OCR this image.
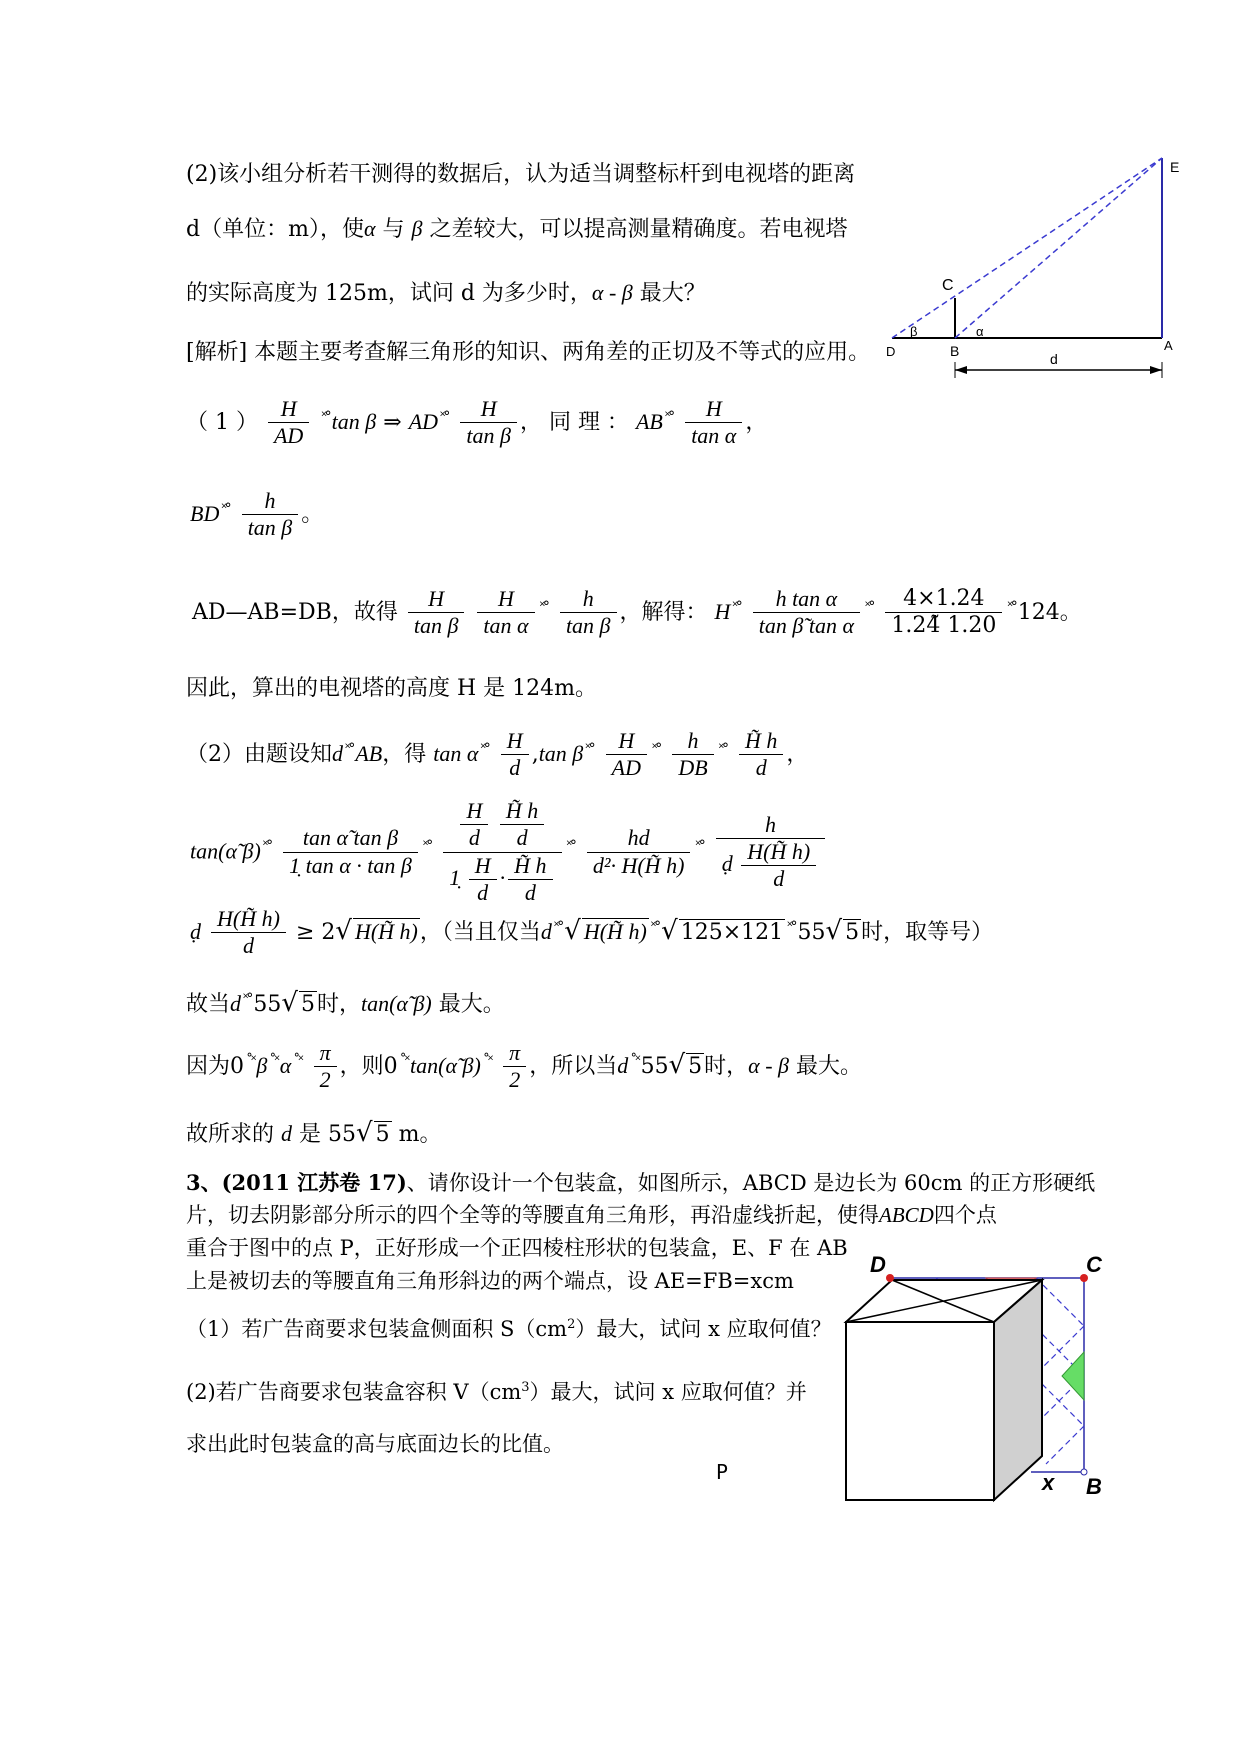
(2)该小组分析若干测得的数据后，认为适当调整标杆到电视塔的距离
d（单位：m），使α 与 β 之差较大，可以提高测量精确度。若电视塔
的实际高度为 125m，试问 d 为多少时，α - β 最大？
[解析] 本题主要考查解三角形的知识、两角差的正切及不等式的应用。
E
C
D	B	A
β	α
d
（ 1 ） $\frac{H}{AD} ^{˟^\circ}\tan$ β ⇒ AD $^{˟^\circ} \frac{H}{\text{tan β}}$ ， 同 理 ： AB $^{˟^\circ} \frac{H}{\text{tan α}}$ ，
BD $^{˟^\circ} \frac{h}{\text{tan β}}$ 。
AD—AB=DB，故得 $\frac{H}{\text{tan β}}$
$\frac{H}{\text{tan α}} ^{˟^\circ} \frac{h}{\text{tan β}}$ ，解得： H $^{˟^\circ} \frac{\text{h tan α}}{\text{tan β̃ tan α}} ^{˟^\circ} \frac{4\times 1.24}{1.24̃ 1.20} ^{˟^\circ}124$。
因此，算出的电视塔的高度 H 是 124m。
（2）由题设知d ˟°AB，得 tan α $^{˟^\circ} \frac{H}{d} ,\tan$ β $^{˟^\circ} \frac{H}{AD} ^{˟^\circ} \frac{h}{DB} ^{˟^\circ} \frac{H̃ h}{d}$ ，
tan(α̃ β) $^{˟^\circ} \frac{\text{tan α̃ tan β}}{\text{1̣ tan α · tan β}} ^{˟^\circ} \frac{H}{d}$
$\frac{H̃ h}{d}$
1̣ $\frac{H}{d} \cdot \frac{H̃ h}{d} ^{˟^\circ} \frac{hd}{\text{d²· H(H̃ h)}} ^{˟^\circ} \frac{h}{ḍ \frac{H(H̃ h)}{d}}$
ḍ $\frac{H(H̃ h)}{d} \ge 2√$ H(H̃ h)，（当且仅当d ˟°√ H(H̃ h) ˟°√ 125×121 ˟°55√ 5时，取等号）
故当d ˟°55√ 5时，tan(α̃ β) 最大。
因为0 ˚˟β ˚˟α $^{˚˟} \frac{\pi}{2}$ ，则0 ˚˟tan(α̃ β) $^{˚˟} \frac{\pi}{2}$ ，所以当d ˚˟55√ 5时，α - β 最大。
故所求的 d 是 55√ 5 m。
3、(2011 江苏卷 17)、请你设计一个包装盒，如图所示，ABCD 是边长为 60cm 的正方形硬纸
片，切去阴影部分所示的四个全等的等腰直角三角形，再沿虚线折起，使得ABCD四个点
重合于图中的点 P，正好形成一个正四棱柱形状的包装盒，E、F 在 AB
上是被切去的等腰直角三角形斜边的两个端点，设 AE=FB=xcm
（1）若广告商要求包装盒侧面积 $S(cm^2)$最大，试问 x 应取何值？
(2)若广告商要求包装盒容积 $V(cm^3)$最大，试问 x 应取何值？并
求出此时包装盒的高与底面边长的比值。
P
D	C
B
x
